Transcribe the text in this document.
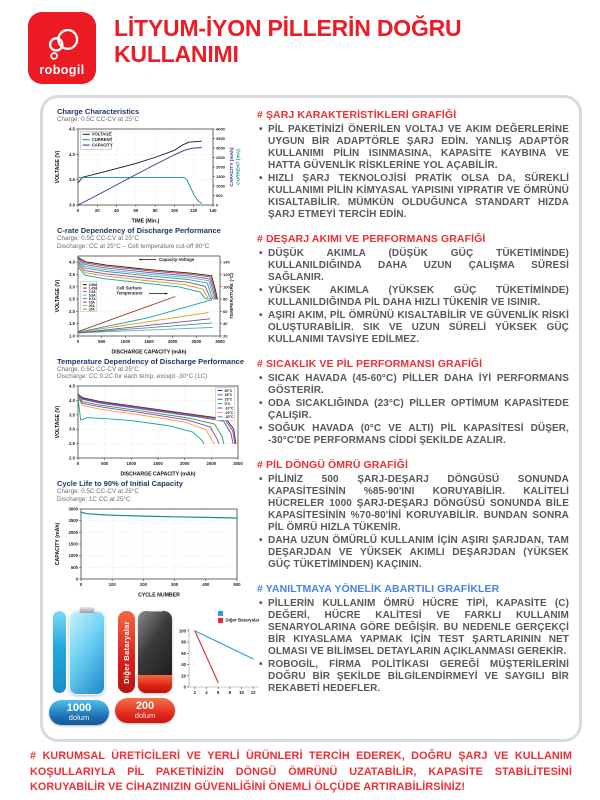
robogil
LİTYUM-İYON PİLLERİN DOĞRU
KULLANIMI
Charge Characteristics
Charge: 0.5C CC-CV at 25°C
0	20	40	60	80	100	120	140
3.0
3.5
4.0
4.5
0
500
1000
1500
2000
2500
3000
3500
4000
VOLTAGE
CURRENT
CAPACITY
TIME (Min.)
VOLTAGE (V)	CAPACITY (mAh) CURRENT (mA)
C-rate Dependency of Discharge Performance
Charge: 0.5C CC-CV at 25°C
Discharge: CC at 25°C – Cell temperature cut-off 80°C
0	500	1000	1500	2000	2500	3000
1.0
1.5
2.0
2.5
3.0
3.5
4.0
20
40
60
80
100
120
140
0.58A
1.45A
2.9A
5.8A
8.7A
15A
20A
25A
Capacity-Voltage
Cell Surface
Temperature
DISCHARGE CAPACITY (mAh)
VOLTAGE (V)	TEMPERATURE (°C)
Temperature Dependency of Discharge Performance
Charge: 0.5C CC-CV at 25°C
Discharge: CC 0.2C for each temp. except -30°C (1C)
0	500	1000	1500	2000	2500	3000
2.0
2.5
3.0
3.5
4.0
4.5
60°C
45°C
23°C
0°C
-10°C
-20°C
-30°C
DISCHARGE CAPACITY (mAh)
VOLTAGE (V)
Cycle Life to 90% of Initial Capacity
Charge: 0.5C CC-CV at 25°C
Discharge: 1C CC at 25°C
0	100	200	300	400	500
0
500
1000
1500
2000
2500
3000
CYCLE NUMBER
CAPACITY (mAh)
1000
dolum
Diğer Bataryalar
200
dolum
2 4 6 8 10 12
0
20
40
60
80
100
Diğer Bataryalar
# ŞARJ KARAKTERİSTİKLERİ GRAFİĞİ
• PİL PAKETİNİZİ ÖNERİLEN VOLTAJ VE AKIM DEĞERLERİNE UYGUN BİR ADAPTÖRLE ŞARJ EDİN. YANLIŞ ADAPTÖR KULLANIMI PİLİN ISINMASINA, KAPASİTE KAYBINA VE HATTA GÜVENLİK RİSKLERİNE YOL AÇABİLİR.
• HIZLI ŞARJ TEKNOLOJİSİ PRATİK OLSA DA, SÜREKLİ KULLANIMI PİLİN KİMYASAL YAPISINI YIPRATIR VE ÖMRÜNÜ KISALTABİLİR. MÜMKÜN OLDUĞUNCA STANDART HIZDA ŞARJ ETMEYİ TERCİH EDİN.
# DEŞARJ AKIMI VE PERFORMANS GRAFİĞİ
• DÜŞÜK AKIMLA (DÜŞÜK GÜÇ TÜKETİMİNDE) KULLANILDIĞINDA DAHA UZUN ÇALIŞMA SÜRESİ SAĞLANIR.
• YÜKSEK AKIMLA (YÜKSEK GÜÇ TÜKETİMİNDE) KULLANILDIĞINDA PİL DAHA HIZLI TÜKENİR VE ISINIR.
• AŞIRI AKIM, PİL ÖMRÜNÜ KISALTABİLİR VE GÜVENLİK RİSKİ OLUŞTURABİLİR. SIK VE UZUN SÜRELİ YÜKSEK GÜÇ KULLANIMI TAVSİYE EDİLMEZ.
# SICAKLIK VE PİL PERFORMANSI GRAFİĞİ
• SICAK HAVADA (45-60°C) PİLLER DAHA İYİ PERFORMANS GÖSTERİR.
• ODA SICAKLIĞINDA (23°C) PİLLER OPTİMUM KAPASİTEDE ÇALIŞIR.
• SOĞUK HAVADA (0°C VE ALTI) PİL KAPASİTESİ DÜŞER, -30°C'DE PERFORMANS CİDDİ ŞEKİLDE AZALIR.
# PİL DÖNGÜ ÖMRÜ GRAFİĞİ
• PİLİNİZ 500 ŞARJ-DEŞARJ DÖNGÜSÜ SONUNDA KAPASİTESİNİN %85-90'INI KORUYABİLİR. KALİTELİ HÜCRELER 1000 ŞARJ-DEŞARJ DÖNGÜSÜ SONUNDA BİLE KAPASİTESİNİN %70-80'İNİ KORUYABİLİR. BUNDAN SONRA PİL ÖMRÜ HIZLA TÜKENİR.
• DAHA UZUN ÖMÜRLÜ KULLANIM İÇİN AŞIRI ŞARJDAN, TAM DEŞARJDAN VE YÜKSEK AKIMLI DEŞARJDAN (YÜKSEK GÜÇ TÜKETİMİNDEN) KAÇININ.
# YANILTMAYA YÖNELİK ABARTILI GRAFİKLER
• PİLLERİN KULLANIM ÖMRÜ HÜCRE TİPİ, KAPASİTE (C) DEĞERİ, HÜCRE KALİTESİ VE FARKLI KULLANIM SENARYOLARINA GÖRE DEĞİŞİR. BU NEDENLE GERÇEKÇİ BİR KIYASLAMA YAPMAK İÇİN TEST ŞARTLARININ NET OLMASI VE BİLİMSEL DETAYLARIN AÇIKLANMASI GEREKİR.
• ROBOGİL, FİRMA POLİTİKASI GEREĞİ MÜŞTERİLERİNİ DOĞRU BİR ŞEKİLDE BİLGİLENDİRMEYİ VE SAYGILI BİR REKABETİ HEDEFLER.
# KURUMSAL ÜRETİCİLERİ VE YERLİ ÜRÜNLERİ TERCİH EDEREK, DOĞRU ŞARJ VE KULLANIM KOŞULLARIYLA PİL PAKETİNİZİN DÖNGÜ ÖMRÜNÜ UZATABİLİR, KAPASİTE STABİLİTESİNİ KORUYABİLİR VE CİHAZINIZIN GÜVENLİĞİNİ ÖNEMLİ ÖLÇÜDE ARTIRABİLİRSİNİZ!
